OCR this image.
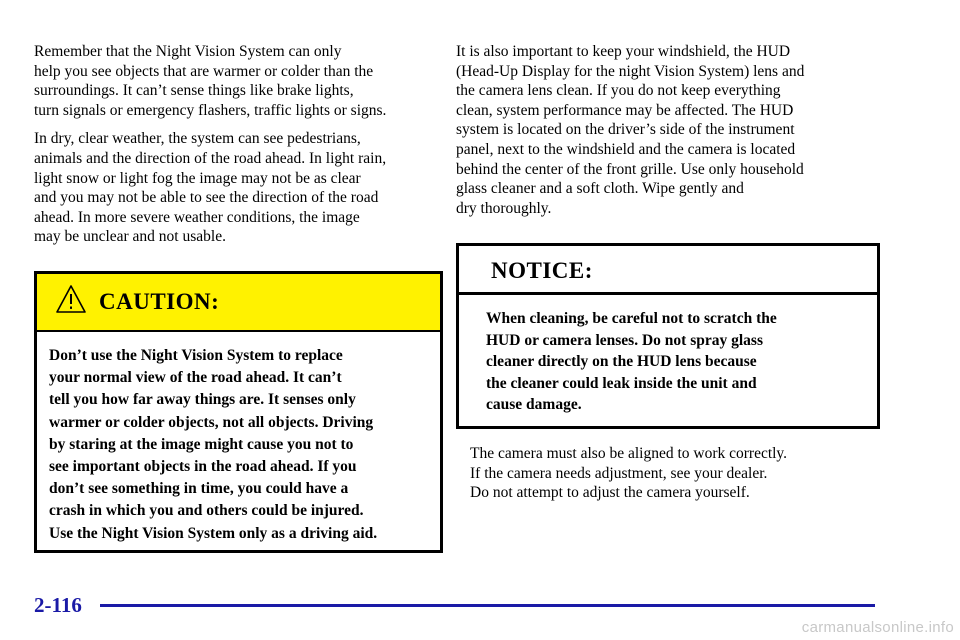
Remember that the Night Vision System can only
help you see objects that are warmer or colder than the
surroundings. It can’t sense things like brake lights,
turn signals or emergency flashers, traffic lights or signs.

In dry, clear weather, the system can see pedestrians,
animals and the direction of the road ahead. In light rain,
light snow or light fog the image may not be as clear
and you may not be able to see the direction of the road
ahead. In more severe weather conditions, the image
may be unclear and not usable.

CAUTION:
Don’t use the Night Vision System to replace
your normal view of the road ahead. It can’t
tell you how far away things are. It senses only
warmer or colder objects, not all objects. Driving
by staring at the image might cause you not to
see important objects in the road ahead. If you
don’t see something in time, you could have a
crash in which you and others could be injured.
Use the Night Vision System only as a driving aid.

It is also important to keep your windshield, the HUD
(Head-Up Display for the night Vision System) lens and
the camera lens clean. If you do not keep everything
clean, system performance may be affected. The HUD
system is located on the driver’s side of the instrument
panel, next to the windshield and the camera is located
behind the center of the front grille. Use only household
glass cleaner and a soft cloth. Wipe gently and
dry thoroughly.

NOTICE:
When cleaning, be careful not to scratch the
HUD or camera lenses. Do not spray glass
cleaner directly on the HUD lens because
the cleaner could leak inside the unit and
cause damage.

The camera must also be aligned to work correctly.
If the camera needs adjustment, see your dealer.
Do not attempt to adjust the camera yourself.

2-116
carmanualsonline.info
